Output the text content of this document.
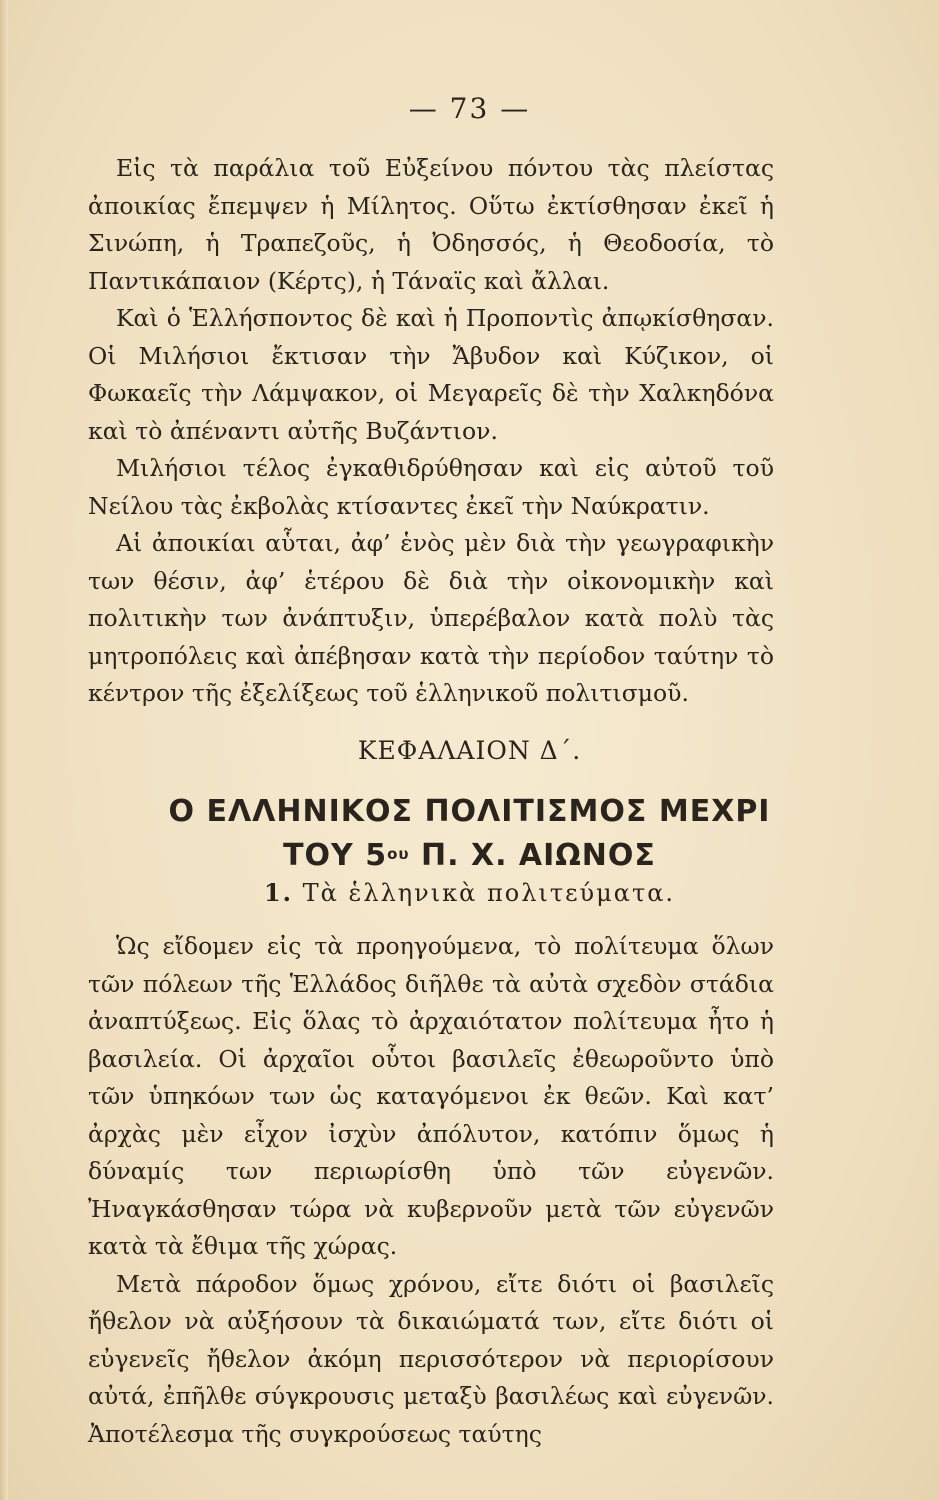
— 73 —

Εἰς τὰ παράλια τοῦ Εὐξείνου πόντου τὰς πλείστας ἀποικίας ἔπεμψεν ἡ Μίλητος. Οὕτω ἐκτίσθησαν ἐκεῖ ἡ Σινώπη, ἡ Τραπεζοῦς, ἡ Ὀδησσός, ἡ Θεοδοσία, τὸ Παντικάπαιον (Κέρτς), ἡ Τάναϊς καὶ ἄλλαι.

Καὶ ὁ Ἑλλήσποντος δὲ καὶ ἡ Προποντὶς ἀπῳκίσθησαν. Οἱ Μιλήσιοι ἔκτισαν τὴν Ἄβυδον καὶ Κύζικον, οἱ Φωκαεῖς τὴν Λάμψακον, οἱ Μεγαρεῖς δὲ τὴν Χαλκηδόνα καὶ τὸ ἀπέναντι αὐτῆς Βυζάντιον.

Μιλήσιοι τέλος ἐγκαθιδρύθησαν καὶ εἰς αὐτοῦ τοῦ Νείλου τὰς ἐκβολὰς κτίσαντες ἐκεῖ τὴν Ναύκρατιν.

Αἱ ἀποικίαι αὗται, ἀφ’ ἑνὸς μὲν διὰ τὴν γεωγραφικὴν των θέσιν, ἀφ’ ἑτέρου δὲ διὰ τὴν οἰκονομικὴν καὶ πολιτικὴν των ἀνάπτυξιν, ὑπερέβαλον κατὰ πολὺ τὰς μητροπόλεις καὶ ἀπέβησαν κατὰ τὴν περίοδον ταύτην τὸ κέντρον τῆς ἐξελίξεως τοῦ ἑλληνικοῦ πολιτισμοῦ.

ΚΕΦΑΛΑΙΟΝ Δ΄.
Ο ΕΛΛΗΝΙΚΟΣ ΠΟΛΙΤΙΣΜΟΣ ΜΕΧΡΙ
ΤΟΥ $5^{o\upsilon}$ Π. Χ. ΑΙΩΝΟΣ
1. Τὰ ἑλληνικὰ πολιτεύματα.

Ὡς εἴδομεν εἰς τὰ προηγούμενα, τὸ πολίτευμα ὅλων τῶν πόλεων τῆς Ἑλλάδος διῆλθε τὰ αὐτὰ σχεδὸν στάδια ἀναπτύξεως. Εἰς ὅλας τὸ ἀρχαιότατον πολίτευμα ἦτο ἡ βασιλεία. Οἱ ἀρχαῖοι οὗτοι βασιλεῖς ἐθεωροῦντο ὑπὸ τῶν ὑπηκόων των ὡς καταγόμενοι ἐκ θεῶν. Καὶ κατ’ ἀρχὰς μὲν εἶχον ἰσχὺν ἀπόλυτον, κατόπιν ὅμως ἡ δύναμίς των περιωρίσθη ὑπὸ τῶν εὐγενῶν. Ἠναγκάσθησαν τώρα νὰ κυβερνοῦν μετὰ τῶν εὐγενῶν κατὰ τὰ ἔθιμα τῆς χώρας.

Μετὰ πάροδον ὅμως χρόνου, εἴτε διότι οἱ βασιλεῖς ἤθελον νὰ αὐξήσουν τὰ δικαιώματά των, εἴτε διότι οἱ εὐγενεῖς ἤθελον ἀκόμη περισσότερον νὰ περιορίσουν αὐτά, ἐπῆλθε σύγκρουσις μεταξὺ βασιλέως καὶ εὐγενῶν. Ἀποτέλεσμα τῆς συγκρούσεως ταύτης
